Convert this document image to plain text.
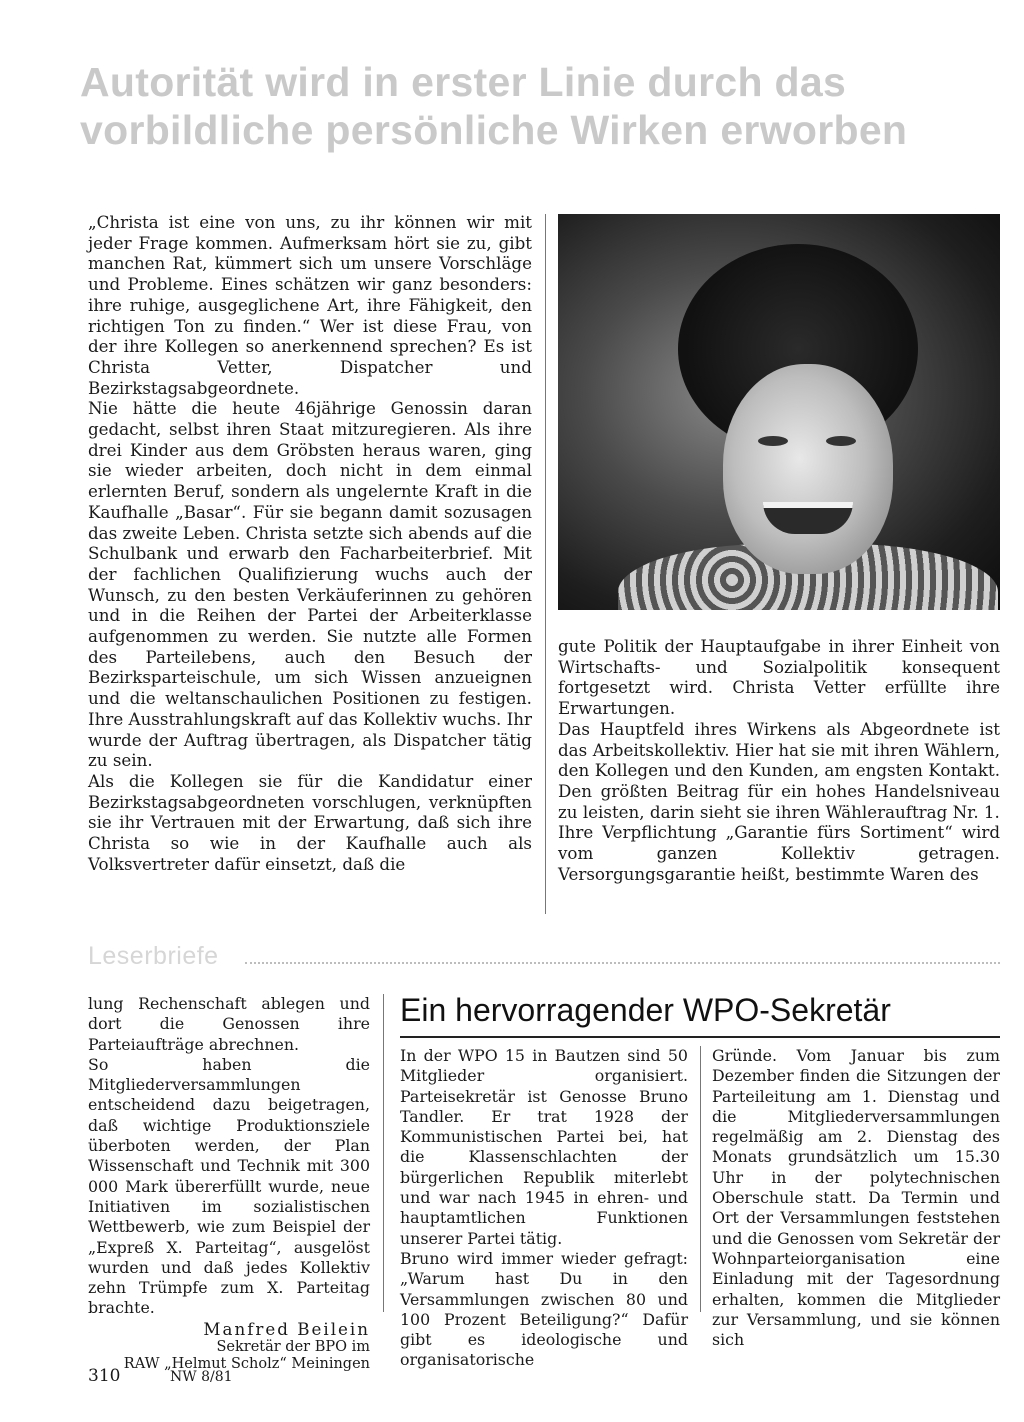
Autorität wird in erster Linie durch das vorbildliche persönliche Wirken erworben

„Christa ist eine von uns, zu ihr können wir mit jeder Frage kommen. Aufmerksam hört sie zu, gibt manchen Rat, kümmert sich um unsere Vorschläge und Probleme. Eines schätzen wir ganz besonders: ihre ruhige, ausgeglichene Art, ihre Fähigkeit, den richtigen Ton zu finden.“ Wer ist diese Frau, von der ihre Kollegen so anerkennend sprechen? Es ist Christa Vetter, Dispatcher und Bezirkstagsabgeordnete.

Nie hätte die heute 46jährige Genossin daran gedacht, selbst ihren Staat mitzuregieren. Als ihre drei Kinder aus dem Gröbsten heraus waren, ging sie wieder arbeiten, doch nicht in dem einmal erlernten Beruf, sondern als ungelernte Kraft in die Kaufhalle „Basar“. Für sie begann damit sozusagen das zweite Leben. Christa setzte sich abends auf die Schulbank und erwarb den Facharbeiterbrief. Mit der fachlichen Qualifizierung wuchs auch der Wunsch, zu den besten Verkäuferinnen zu gehören und in die Reihen der Partei der Arbeiterklasse aufgenommen zu werden. Sie nutzte alle Formen des Parteilebens, auch den Besuch der Bezirksparteischule, um sich Wissen anzueignen und die weltanschaulichen Positionen zu festigen. Ihre Ausstrahlungskraft auf das Kollektiv wuchs. Ihr wurde der Auftrag übertragen, als Dispatcher tätig zu sein.

Als die Kollegen sie für die Kandidatur einer Bezirkstagsabgeordneten vorschlugen, verknüpften sie ihr Vertrauen mit der Erwartung, daß sich ihre Christa so wie in der Kaufhalle auch als Volksvertreter dafür einsetzt, daß die

gute Politik der Hauptaufgabe in ihrer Einheit von Wirtschafts- und Sozialpolitik konsequent fortgesetzt wird. Christa Vetter erfüllte ihre Erwartungen.

Das Hauptfeld ihres Wirkens als Abgeordnete ist das Arbeitskollektiv. Hier hat sie mit ihren Wählern, den Kollegen und den Kunden, am engsten Kontakt. Den größten Beitrag für ein hohes Handelsniveau zu leisten, darin sieht sie ihren Wählerauftrag Nr. 1.

Ihre Verpflichtung „Garantie fürs Sortiment“ wird vom ganzen Kollektiv getragen. Versorgungsgarantie heißt, bestimmte Waren des

Leserbriefe

lung Rechenschaft ablegen und dort die Genossen ihre Parteiaufträge abrechnen.

So haben die Mitgliederversammlungen entscheidend dazu beigetragen, daß wichtige Produktionsziele überboten werden, der Plan Wissenschaft und Technik mit 300 000 Mark übererfüllt wurde, neue Initiativen im sozialistischen Wettbewerb, wie zum Beispiel der „Expreß X. Parteitag“, ausgelöst wurden und daß jedes Kollektiv zehn Trümpfe zum X. Parteitag brachte.

Manfred Beilein
Sekretär der BPO im
RAW „Helmut Scholz“ Meiningen
Ein hervorragender WPO-Sekretär

In der WPO 15 in Bautzen sind 50 Mitglieder organisiert. Parteisekretär ist Genosse Bruno Tandler. Er trat 1928 der Kommunistischen Partei bei, hat die Klassenschlachten der bürgerlichen Republik miterlebt und war nach 1945 in ehren- und hauptamtlichen Funktionen unserer Partei tätig.

Bruno wird immer wieder gefragt: „Warum hast Du in den Versammlungen zwischen 80 und 100 Prozent Beteiligung?“ Dafür gibt es ideologische und organisatorische

Gründe. Vom Januar bis zum Dezember finden die Sitzungen der Parteileitung am 1. Dienstag und die Mitgliederversammlungen regelmäßig am 2. Dienstag des Monats grundsätzlich um 15.30 Uhr in der polytechnischen Oberschule statt. Da Termin und Ort der Versammlungen feststehen und die Genossen vom Sekretär der Wohnparteiorganisation eine Einladung mit der Tagesordnung erhalten, kommen die Mitglieder zur Versammlung, und sie können sich

310	NW 8/81
